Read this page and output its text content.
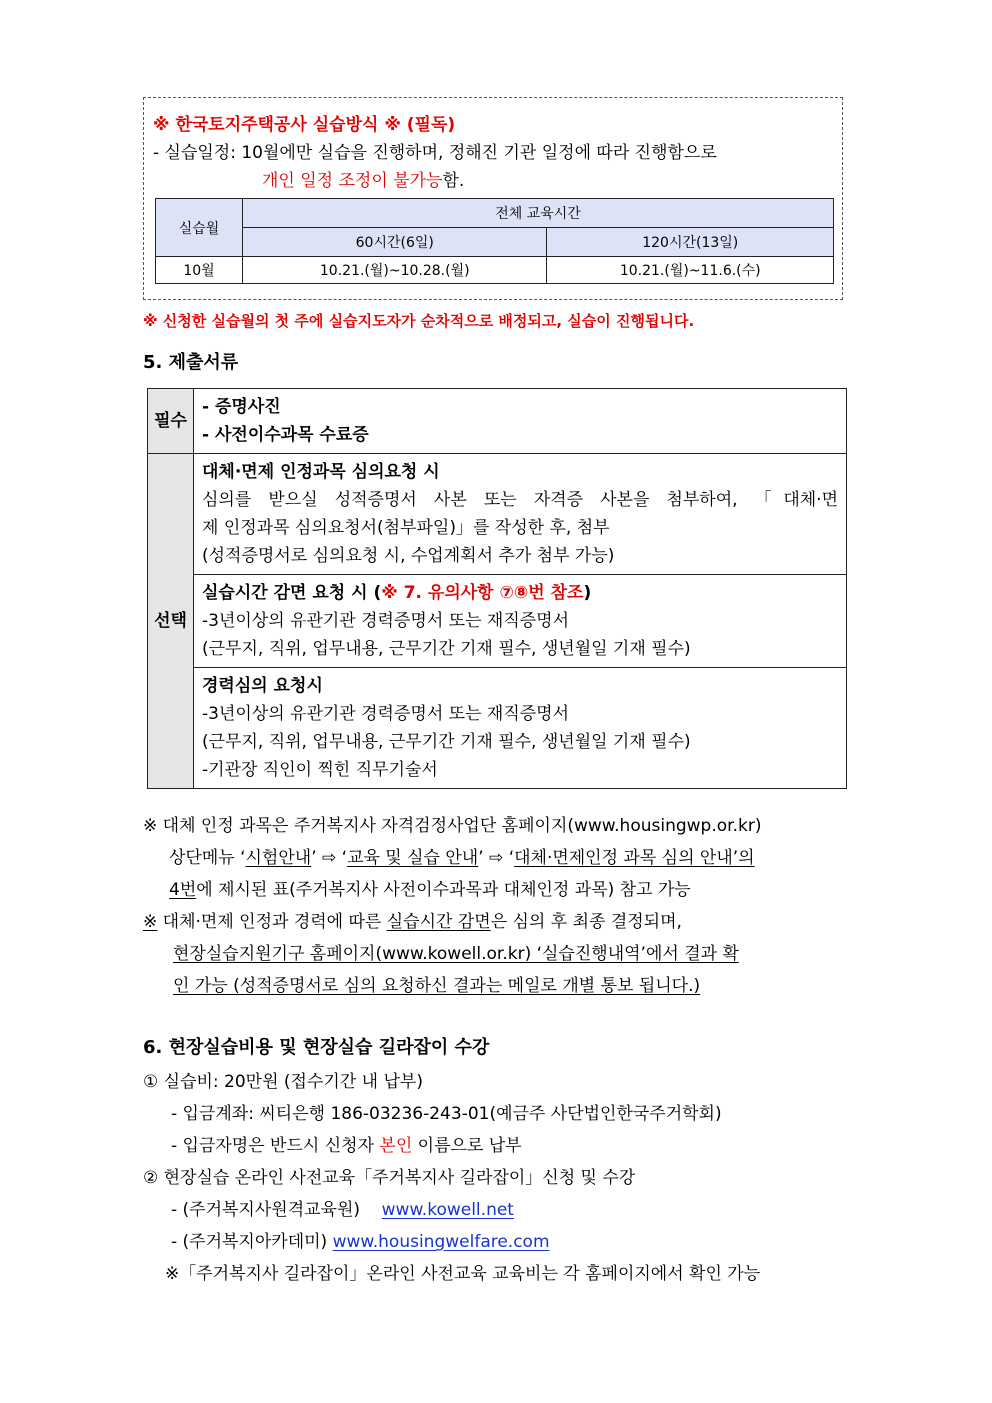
※ 한국토지주택공사 실습방식 ※ (필독)
- 실습일정: 10월에만 실습을 진행하며, 정해진 기관 일정에 따라 진행함으로
개인 일정 조정이 불가능함.
실습월	전체 교육시간	
	60시간(6일)	120시간(13일)
10월	10.21.(월)~10.28.(월)	10.21.(월)~11.6.(수)
※ 신청한 실습월의 첫 주에 실습지도자가 순차적으로 배정되고, 실습이 진행됩니다.
5. 제출서류
필수	- 증명사진
- 사전이수과목 수료증

선택	대체·면제 인정과목 심의요청 시
심의를 받으실 성적증명서 사본 또는 자격증 사본을 첨부하여, 「대체·면
제 인정과목 심의요청서(첨부파일)」를 작성한 후, 첨부
(성적증명서로 심의요청 시, 수업계획서 추가 첨부 가능)

	실습시간 감면 요청 시 (※ 7. 유의사항 ⑦⑧번 참조)
-3년이상의 유관기관 경력증명서 또는 재직증명서
(근무지, 직위, 업무내용, 근무기간 기재 필수, 생년월일 기재 필수)

	경력심의 요청시
-3년이상의 유관기관 경력증명서 또는 재직증명서
(근무지, 직위, 업무내용, 근무기간 기재 필수, 생년월일 기재 필수)
-기관장 직인이 찍힌 직무기술서
※ 대체 인정 과목은 주거복지사 자격검정사업단 홈페이지(www.housingwp.or.kr)
상단메뉴 ‘시험안내’ ⇨ ‘교육 및 실습 안내’ ⇨ ‘대체·면제인정 과목 심의 안내’의
4번에 제시된 표(주거복지사 사전이수과목과 대체인정 과목) 참고 가능
※ 대체·면제 인정과 경력에 따른 실습시간 감면은 심의 후 최종 결정되며,
현장실습지원기구 홈페이지(www.kowell.or.kr) ‘실습진행내역’에서 결과 확
인 가능 (성적증명서로 심의 요청하신 결과는 메일로 개별 통보 됩니다.)
6. 현장실습비용 및 현장실습 길라잡이 수강
① 실습비: 20만원 (접수기간 내 납부)
- 입금계좌: 씨티은행 186-03236-243-01(예금주 사단법인한국주거학회)
- 입금자명은 반드시 신청자 본인 이름으로 납부
② 현장실습 온라인 사전교육「주거복지사 길라잡이」신청 및 수강
- (주거복지사원격교육원) www.kowell.net
- (주거복지아카데미) www.housingwelfare.com
※「주거복지사 길라잡이」온라인 사전교육 교육비는 각 홈페이지에서 확인 가능
